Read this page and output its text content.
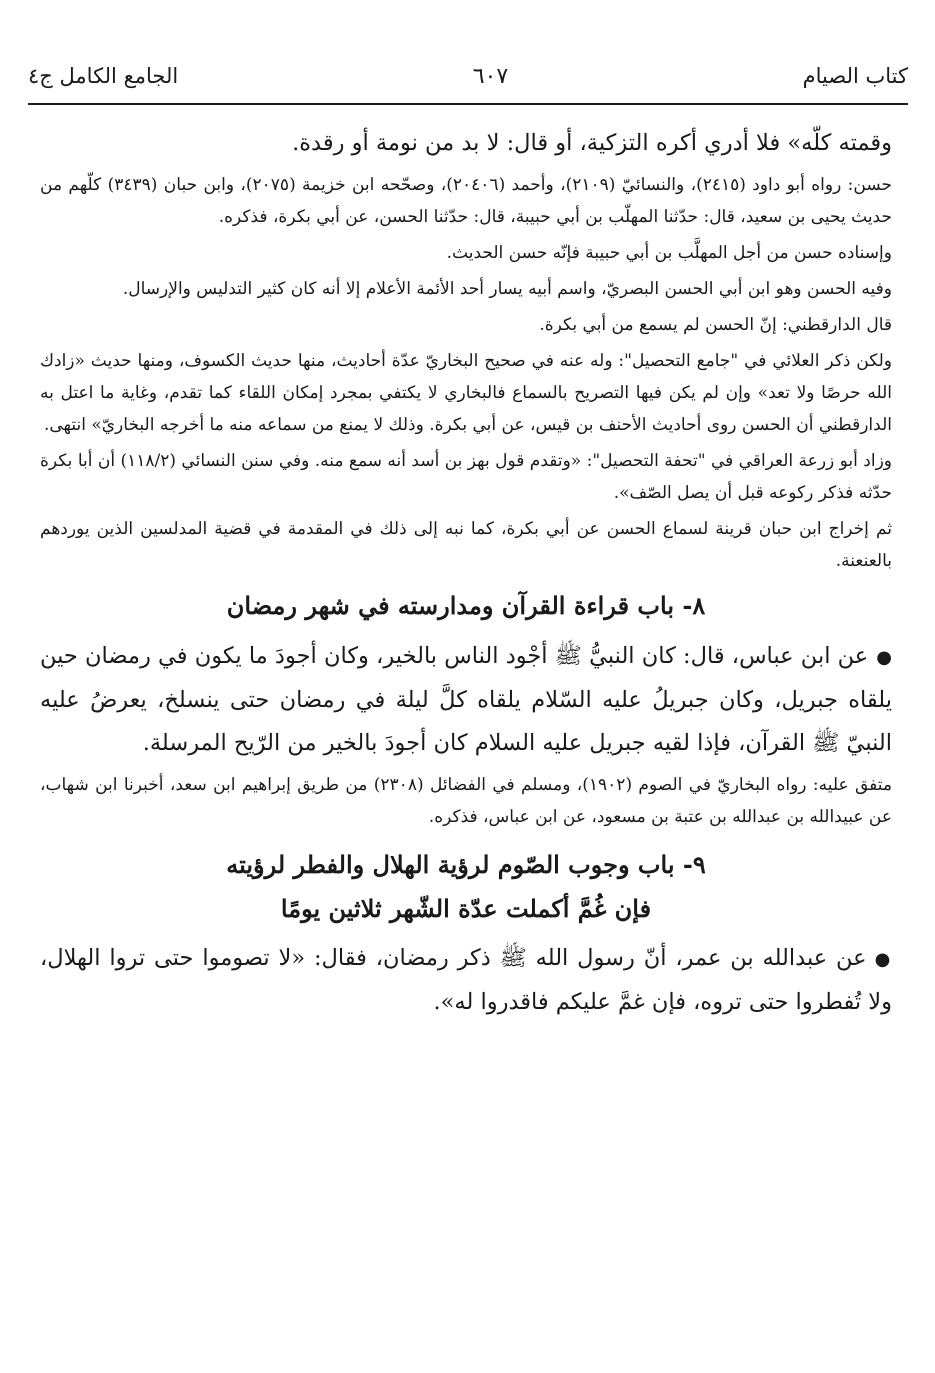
كتاب الصيام
٦٠٧
الجامع الكامل ج٤

وقمته كلّه» فلا أدري أكره التزكية، أو قال: لا بد من نومة أو رقدة.

حسن: رواه أبو داود (٢٤١٥)، والنسائيّ (٢١٠٩)، وأحمد (٢٠٤٠٦)، وصحّحه ابن خزيمة (٢٠٧٥)، وابن حبان (٣٤٣٩) كلّهم من حديث يحيى بن سعيد، قال: حدّثنا المهلّب بن أبي حبيبة، قال: حدّثنا الحسن، عن أبي بكرة، فذكره.

وإسناده حسن من أجل المهلَّب بن أبي حبيبة فإنّه حسن الحديث.

وفيه الحسن وهو ابن أبي الحسن البصريّ، واسم أبيه يسار أحد الأئمة الأعلام إلا أنه كان كثير التدليس والإرسال.

قال الدارقطني: إنّ الحسن لم يسمع من أبي بكرة.

ولكن ذكر العلائي في "جامع التحصيل": وله عنه في صحيح البخاريّ عدّة أحاديث، منها حديث الكسوف، ومنها حديث «زادك الله حرصًا ولا تعد» وإن لم يكن فيها التصريح بالسماع فالبخاري لا يكتفي بمجرد إمكان اللقاء كما تقدم، وغاية ما اعتل به الدارقطني أن الحسن روى أحاديث الأحنف بن قيس، عن أبي بكرة. وذلك لا يمنع من سماعه منه ما أخرجه البخاريّ» انتهى.

وزاد أبو زرعة العراقي في "تحفة التحصيل": «وتقدم قول بهز بن أسد أنه سمع منه. وفي سنن النسائي (١١٨/٢) أن أبا بكرة حدّثه فذكر ركوعه قبل أن يصل الصّف».

ثم إخراج ابن حبان قرينة لسماع الحسن عن أبي بكرة، كما نبه إلى ذلك في المقدمة في قضية المدلسين الذين يوردهم بالعنعنة.

٨- باب قراءة القرآن ومدارسته في شهر رمضان

●عن ابن عباس، قال: كان النبيُّ ﷺ أجْود الناس بالخير، وكان أجودَ ما يكون في رمضان حين يلقاه جبريل، وكان جبريلُ عليه السّلام يلقاه كلَّ ليلة في رمضان حتى ينسلخ، يعرضُ عليه النبيّ ﷺ القرآن، فإذا لقيه جبريل عليه السلام كان أجودَ بالخير من الرّيح المرسلة.

متفق عليه: رواه البخاريّ في الصوم (١٩٠٢)، ومسلم في الفضائل (٢٣٠٨) من طريق إبراهيم ابن سعد، أخبرنا ابن شهاب، عن عبيدالله بن عبدالله بن عتبة بن مسعود، عن ابن عباس، فذكره.

٩- باب وجوب الصّوم لرؤية الهلال والفطر لرؤيته
فإن غُمَّ أكملت عدّة الشّهر ثلاثين يومًا

●عن عبدالله بن عمر، أنّ رسول الله ﷺ ذكر رمضان، فقال: «لا تصوموا حتى تروا الهلال، ولا تُفطروا حتى تروه، فإن غمَّ عليكم فاقدروا له».
